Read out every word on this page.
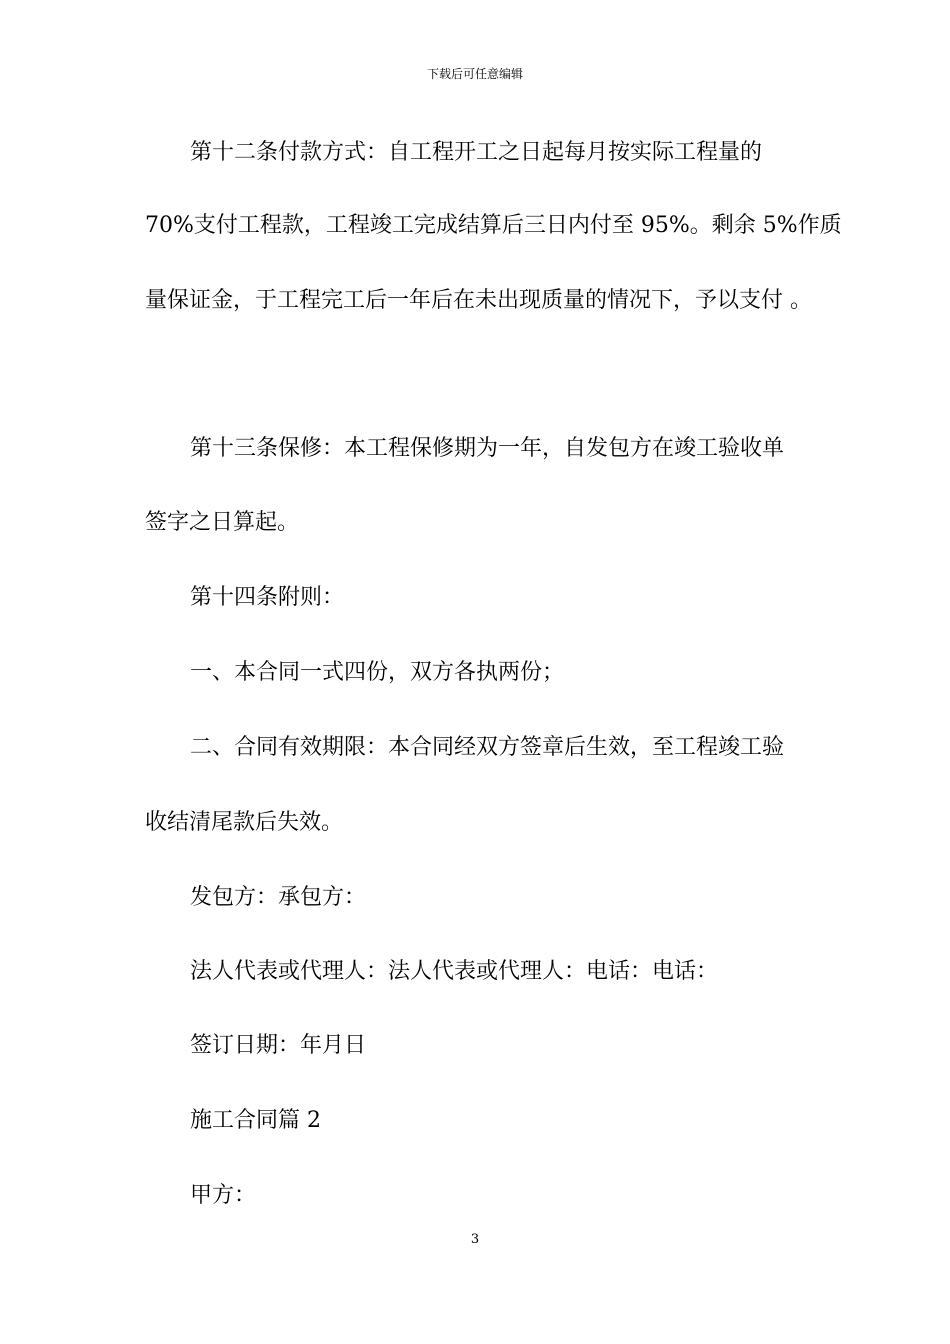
下载后可任意编辑
第十二条付款方式：自工程开工之日起每月按实际工程量的
70%支付工程款，工程竣工完成结算后三日内付至 95%。剩余 5%作质
量保证金，于工程完工后一年后在未出现质量的情况下，予以支付 。
第十三条保修：本工程保修期为一年，自发包方在竣工验收单
签字之日算起。
第十四条附则：
一、本合同一式四份，双方各执两份；
二、合同有效期限：本合同经双方签章后生效，至工程竣工验
收结清尾款后失效。
发包方：承包方：
法人代表或代理人：法人代表或代理人：电话：电话：
签订日期：年月日
施工合同篇 2
甲方：
3
